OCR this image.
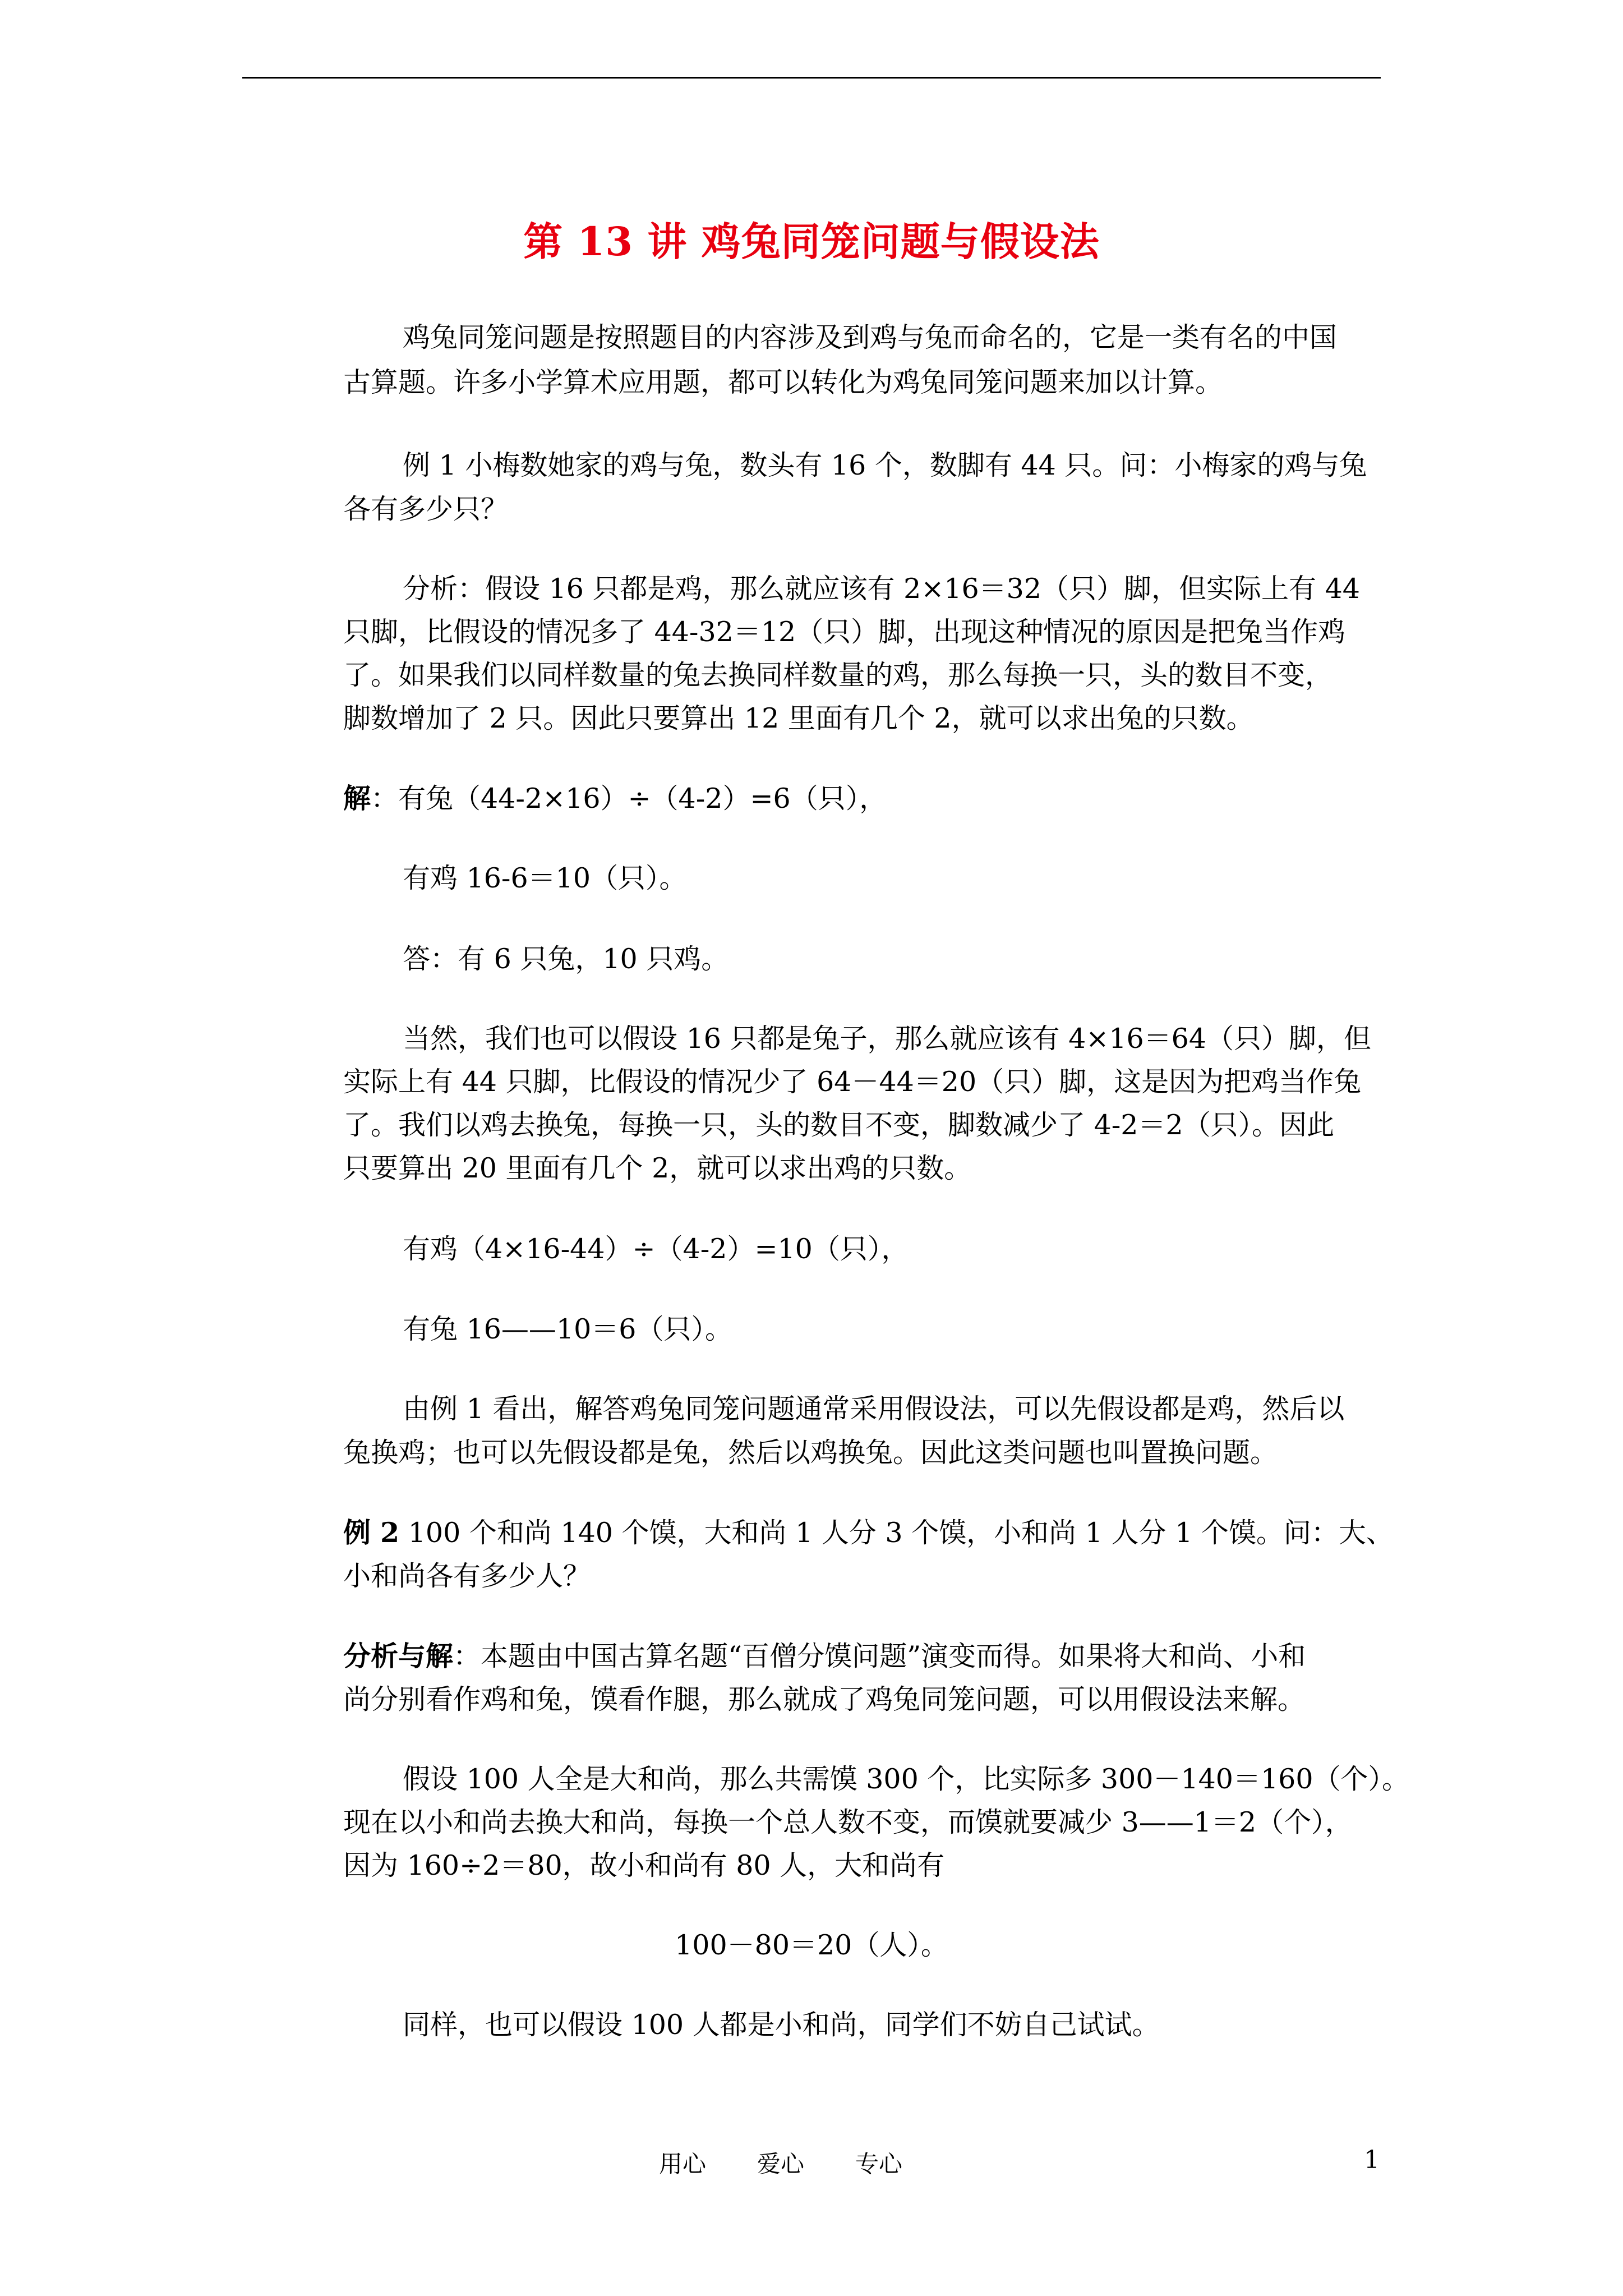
第 13 讲 鸡兔同笼问题与假设法
鸡兔同笼问题是按照题目的内容涉及到鸡与兔而命名的，它是一类有名的中国
古算题。许多小学算术应用题，都可以转化为鸡兔同笼问题来加以计算。
例 1 小梅数她家的鸡与兔，数头有 16 个，数脚有 44 只。问：小梅家的鸡与兔
各有多少只？
分析：假设 16 只都是鸡，那么就应该有 2×16＝32（只）脚，但实际上有 44
只脚，比假设的情况多了 44-32＝12（只）脚，出现这种情况的原因是把兔当作鸡
了。如果我们以同样数量的兔去换同样数量的鸡，那么每换一只，头的数目不变，
脚数增加了 2 只。因此只要算出 12 里面有几个 2，就可以求出兔的只数。
解：有兔（44-2×16）÷（4-2）=6（只），
有鸡 16-6＝10（只）。
答：有 6 只兔，10 只鸡。
当然，我们也可以假设 16 只都是兔子，那么就应该有 4×16＝64（只）脚，但
实际上有 44 只脚，比假设的情况少了 64－44＝20（只）脚，这是因为把鸡当作兔
了。我们以鸡去换兔，每换一只，头的数目不变，脚数减少了 4-2＝2（只）。因此
只要算出 20 里面有几个 2，就可以求出鸡的只数。
有鸡（4×16-44）÷（4-2）=10（只），
有兔 16——10＝6（只）。
由例 1 看出，解答鸡兔同笼问题通常采用假设法，可以先假设都是鸡，然后以
兔换鸡；也可以先假设都是兔，然后以鸡换兔。因此这类问题也叫置换问题。
例 2 100 个和尚 140 个馍，大和尚 1 人分 3 个馍，小和尚 1 人分 1 个馍。问：大、
小和尚各有多少人？
分析与解：本题由中国古算名题“百僧分馍问题”演变而得。如果将大和尚、小和
尚分别看作鸡和兔，馍看作腿，那么就成了鸡兔同笼问题，可以用假设法来解。
假设 100 人全是大和尚，那么共需馍 300 个，比实际多 300－140＝160（个）。
现在以小和尚去换大和尚，每换一个总人数不变，而馍就要减少 3——1＝2（个），
因为 160÷2＝80，故小和尚有 80 人，大和尚有
100－80＝20（人）。
同样，也可以假设 100 人都是小和尚，同学们不妨自己试试。
用心 爱心 专心	1
